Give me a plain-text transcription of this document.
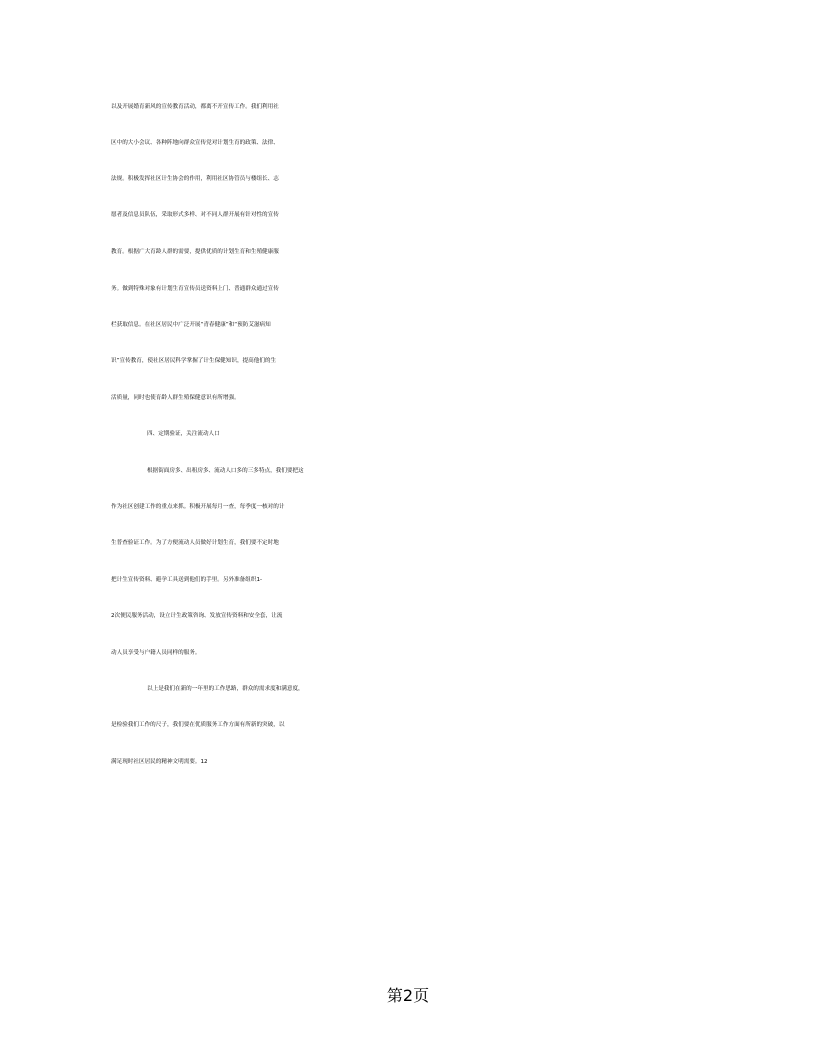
以及开展婚育新风的宣传教育活动，都离不开宣传工作。我们利用社
区中的大小会议、各种阵地向群众宣传党对计划生育的政策、法律、
法规。积极发挥社区计生协会的作用，利用社区协管员与楼组长、志
愿者及信息员队伍，采取形式多样、对不同人群开展有针对性的宣传
教育。根据广大育龄人群的需要，提供优质的计划生育和生殖健康服
务。做到特殊对象有计划生育宣传员送资料上门、普通群众通过宣传
栏获取信息。在社区居民中广泛开展“青春健康”和“预防艾滋病知
识”宣传教育，使社区居民科学掌握了计生保健知识，提高他们的生
活质量，同时也使育龄人群生殖保健意识有所增强。
四、定期验证，关注流动人口
根据街面房多、出租房多、流动人口多的三多特点，我们要把这
作为社区创建工作的重点来抓。积极开展每月一查，每季度一核对的计
生普查验证工作。为了方便流动人员做好计划生育，我们要不定时地
把计生宣传资料、避孕工具送到他们的手里。另外准备组织1-
2次便民服务活动，设立计生政策咨询、发放宣传资料和安全套，让流
动人员享受与户籍人员同样的服务。
以上是我们在新的一年里的工作思路，群众的需求度和满意度，
是检验我们工作的尺子，我们要在优质服务工作方面有所新的突破，以
满足现时社区居民的精神文明需要。12
第2页
